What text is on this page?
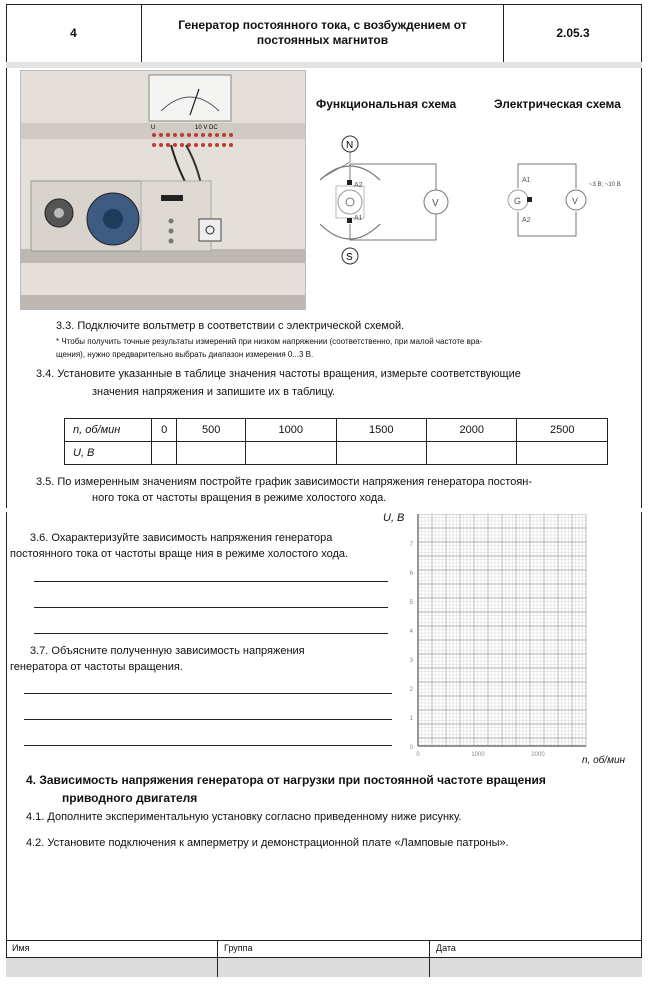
4
Генератор постоянного тока, с возбуждением от постоянных магнитов	2.05.3
U	10 V DC
Функциональная схема
N
S
A2
A1
V
Электрическая схема
G
A1
A2
V
~3 В; ~10 В
3.3. Подключите вольтметр в соответствии с электрической схемой.
* Чтобы получить точные результаты измерений при низком напряжении (соответственно, при малой частоте вра-
щения), нужно предварительно выбрать диапазон измерения 0...3 В.
3.4. Установите указанные в таблице значения частоты вращения, измерьте соответствующие
значения напряжения и запишите их в таблицу.
n, об/мин	0	500	1000	1500	2000	2500
U, В						
3.5. По измеренным значениям постройте график зависимости напряжения генератора постоян-
ного тока от частоты вращения в режиме холостого хода.
3.6. Охарактеризуйте зависимость напряжения генератора
постоянного тока от частоты враще ния в режиме холостого хода.
3.7. Объясните полученную зависимость напряжения
генератора от частоты вращения.
U, В
0
1
2
3
4
5
6
7
0	1000	2000	n, об/мин
4. Зависимость напряжения генератора от нагрузки при постоянной частоте вращения
приводного двигателя
4.1. Дополните экспериментальную установку согласно приведенному ниже рисунку.
4.2. Установите подключения к амперметру и демонстрационной плате «Ламповые патроны».
Имя	Группа	Дата
